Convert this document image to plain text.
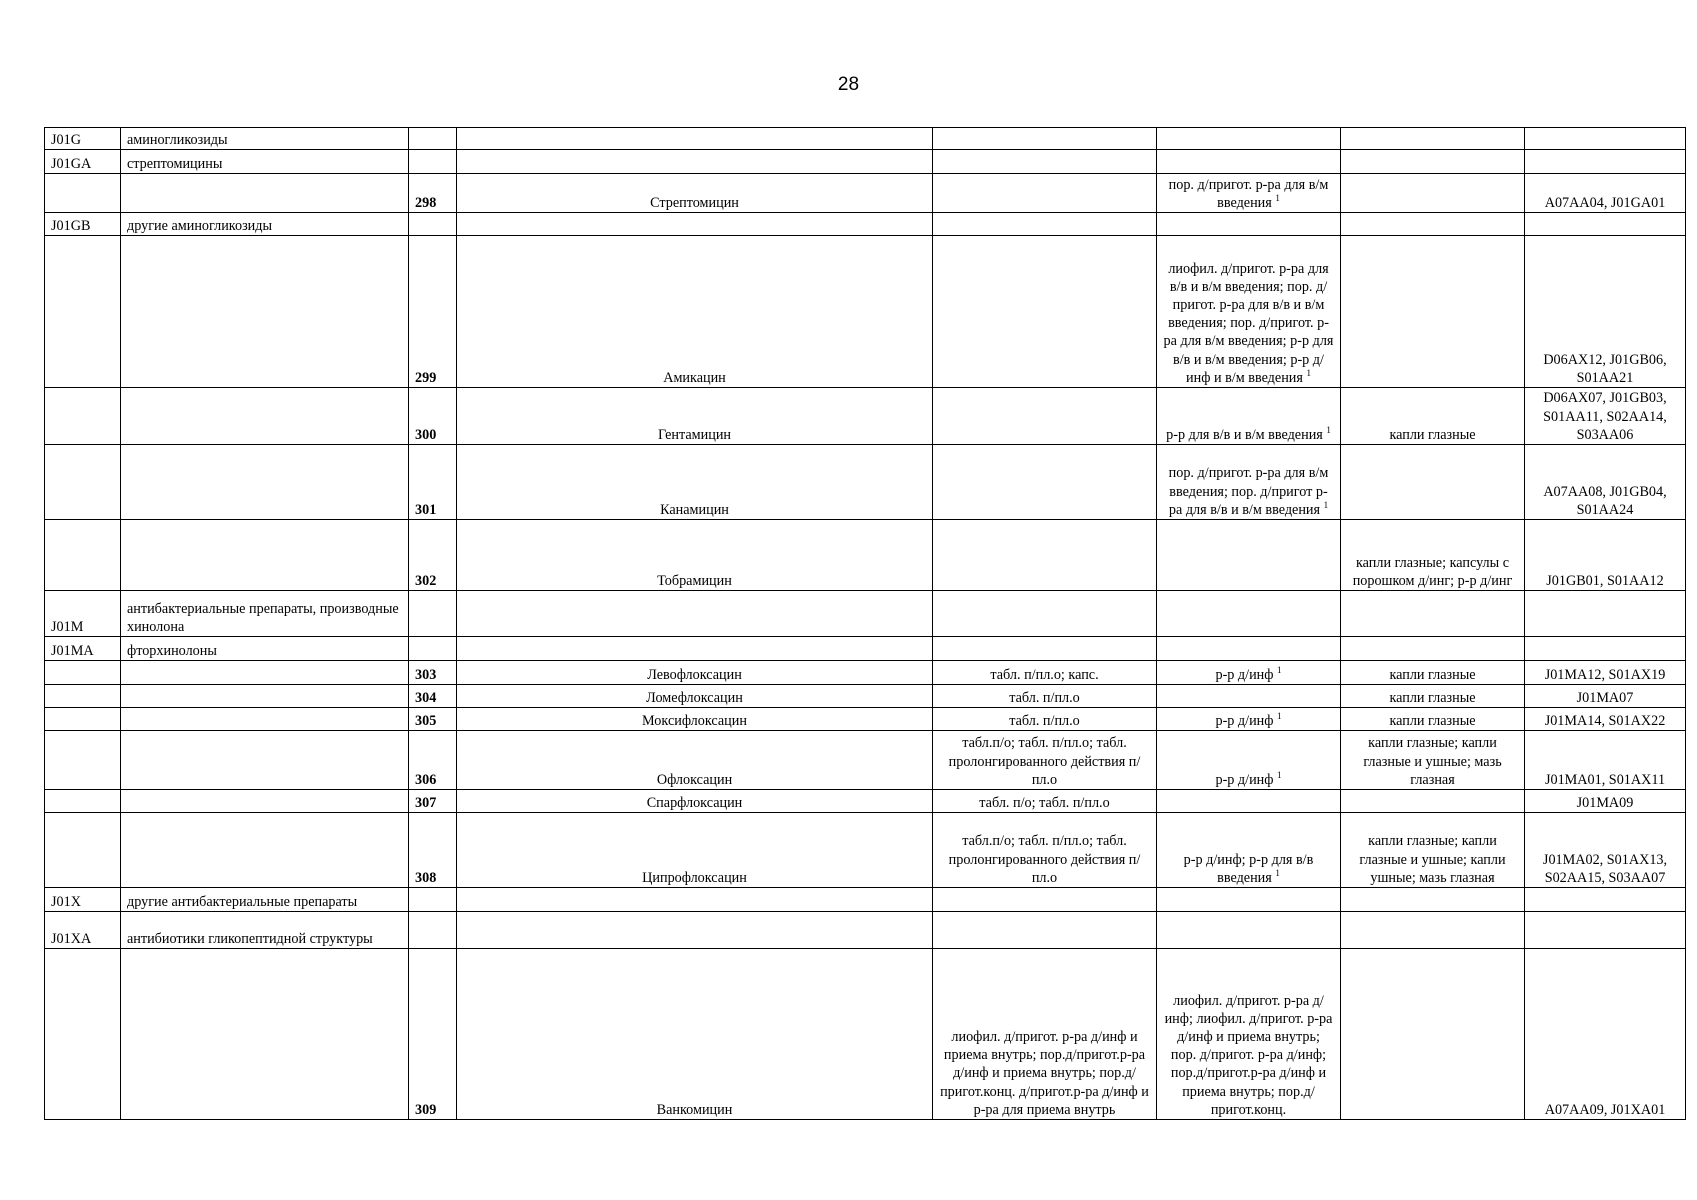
28
J01G	аминогликозиды						
J01GA	стрептомицины						
		298	Стрептомицин		пор. д/пригот. р-ра для в/м введения $^1$		A07AA04, J01GA01
J01GB	другие аминогликозиды						
		299	Амикацин		лиофил. д/пригот. р-ра для в/в и в/м введения; пор. д/пригот. р-ра для в/в и в/м введения; пор. д/пригот. р-ра для в/м введения; р-р для в/в и в/м введения; р-р д/инф и в/м введения $^1$		D06AX12, J01GB06, S01AA21
		300	Гентамицин		р-р для в/в и в/м введения $^1$	капли глазные	D06AX07, J01GB03, S01AA11, S02AA14, S03AA06
		301	Канамицин		пор. д/пригот. р-ра для в/м введения; пор. д/пригот р-ра для в/в и в/м введения $^1$		A07AA08, J01GB04, S01AA24
		302	Тобрамицин			капли глазные; капсулы с порошком д/инг; р-р д/инг	J01GB01, S01AA12
J01M	антибактериальные препараты, производные хинолона						
J01MA	фторхинолоны						
		303	Левофлоксацин	табл. п/пл.о; капс.	р-р д/инф $^1$	капли глазные	J01MA12, S01AX19
		304	Ломефлоксацин	табл. п/пл.о		капли глазные	J01MA07
		305	Моксифлоксацин	табл. п/пл.о	р-р д/инф $^1$	капли глазные	J01MA14, S01AX22
		306	Офлоксацин	табл.п/о; табл. п/пл.о; табл. пролонгированного действия п/пл.о	р-р д/инф $^1$	капли глазные; капли глазные и ушные; мазь глазная	J01MA01, S01AX11
		307	Спарфлоксацин	табл. п/о; табл. п/пл.о			J01MA09
		308	Ципрофлоксацин	табл.п/о; табл. п/пл.о; табл. пролонгированного действия п/пл.о	р-р д/инф; р-р для в/в введения $^1$	капли глазные; капли глазные и ушные; капли ушные; мазь глазная	J01MA02, S01AX13, S02AA15, S03AA07
J01X	другие антибактериальные препараты						
J01XA	антибиотики гликопептидной структуры						
		309	Ванкомицин	лиофил. д/пригот. р-ра д/инф и приема внутрь; пор.д/пригот.р-ра д/инф и приема внутрь; пор.д/пригот.конц. д/пригот.р-ра д/инф и р-ра для приема внутрь	лиофил. д/пригот. р-ра д/инф; лиофил. д/пригот. р-ра д/инф и приема внутрь; пор. д/пригот. р-ра д/инф; пор.д/пригот.р-ра д/инф и приема внутрь; пор.д/пригот.конц.		A07AA09, J01XA01
